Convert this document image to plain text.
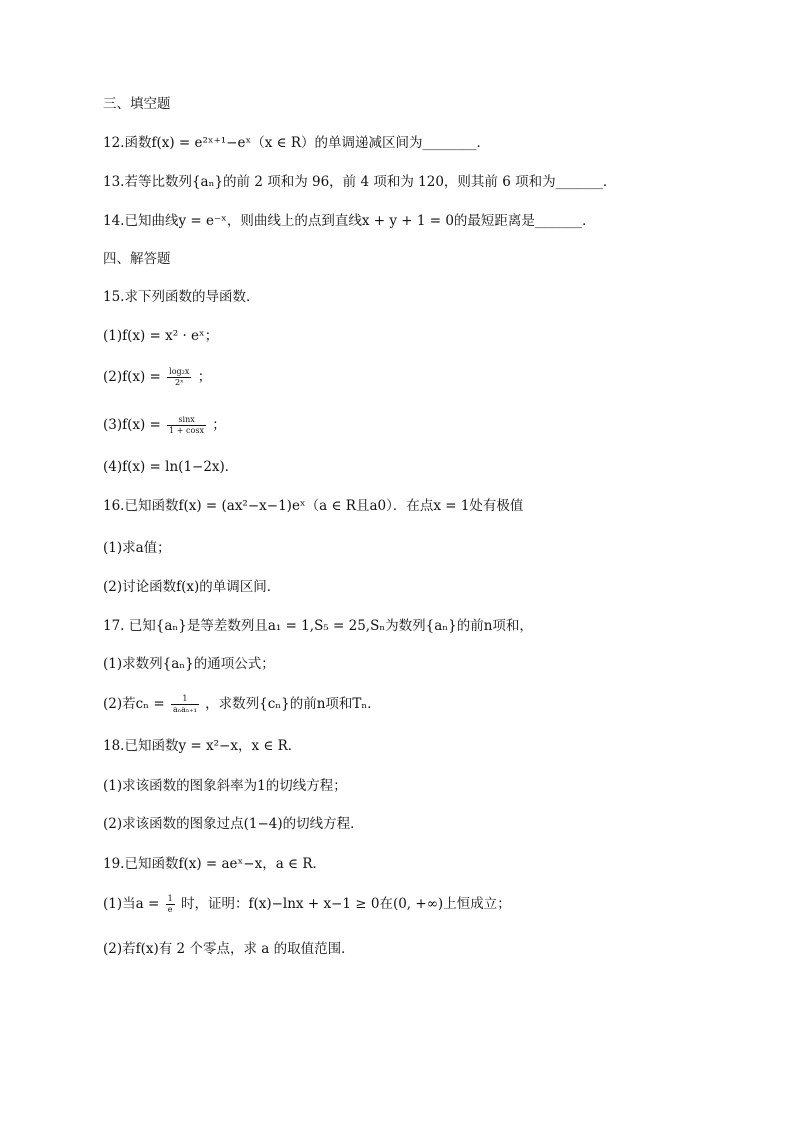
三、填空题
12.函数f(x) = e²ˣ⁺¹−eˣ（x ∈ R）的单调递减区间为________．
13.若等比数列{aₙ}的前 2 项和为 96，前 4 项和为 120，则其前 6 项和为_______．
14.已知曲线y = e⁻ˣ，则曲线上的点到直线x + y + 1 = 0的最短距离是_______．
四、解答题
15.求下列函数的导函数．
(1)f(x) = x² · eˣ；
$(2)f(x) = \frac{\text{log₂x}}{\text{2ˣ}}$ ；
$(3)f(x) = \frac{\sin x}{1 + \cos x}$ ；
(4)f(x) = ln(1−2x)．
16.已知函数f(x) = (ax²−x−1)eˣ（a ∈ R且a0）．在点x = 1处有极值
(1)求a值；
(2)讨论函数f(x)的单调区间．
17. 已知{aₙ}是等差数列且a₁ = 1,S₅ = 25,Sₙ为数列{aₙ}的前n项和，
(1)求数列{aₙ}的通项公式；
(2)若$c_n = \frac{1}{\text{aₙaₙ₊₁}}$ ，求数列{cₙ}的前n项和Tₙ．
18.已知函数y = x²−x，x ∈ R．
(1)求该函数的图象斜率为1的切线方程；
(2)求该函数的图象过点(1−4)的切线方程．
19.已知函数f(x) = aeˣ−x，a ∈ R．
(1)当$a = \frac{1}{e}$ 时，证明：f(x)−lnx + x−1 ≥ 0在(0, +∞)上恒成立；
(2)若f(x)有 2 个零点，求 a 的取值范围．
